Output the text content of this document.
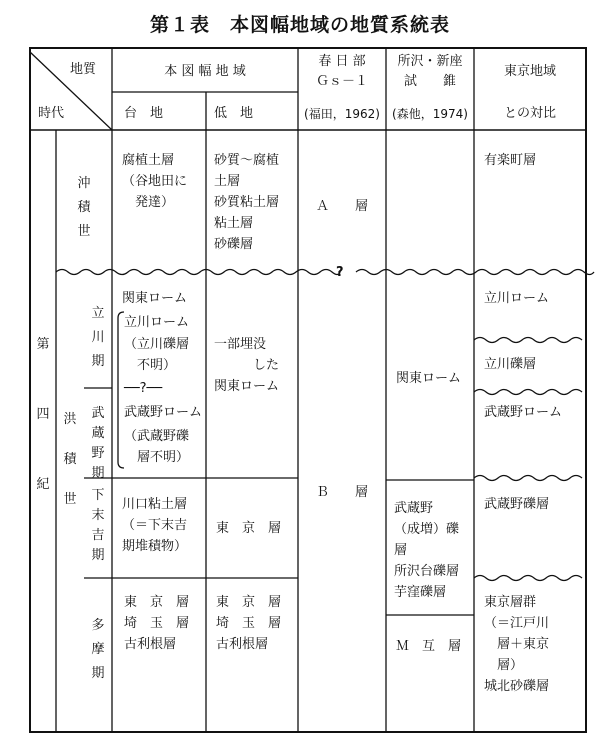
第１表　本図幅地域の地質系統表
地質
時代
本 図 幅 地 域
台　地	低　地
春 日 部
Ｇｓ－１
(福田，1962)
所沢・新座
試　　錐
(森他，1974)
東京地域
との対比
第四紀
沖積世
洪積世
立川期
武蔵野期
下末吉期
多摩期
腐植土層
（谷地田に
　発達）
砂質～腐植
土層
砂質粘土層
粘土層
砂礫層
Ａ　　層
有楽町層
?
関東ローム
立川ローム
（立川礫層
　不明）
──?──
武蔵野ローム
（武蔵野礫
　層不明）
一部埋没
　　　した
関東ローム
Ｂ　　層
関東ローム
武蔵野
（成増）礫
層
所沢台礫層
芋窪礫層
Ｍ　互　層
立川ローム
立川礫層
武蔵野ローム
武蔵野礫層
東京層群
（＝江戸川
　層＋東京
　層）
城北砂礫層
川口粘土層
（＝下末吉
期堆積物）
東　京　層
東　京　層
埼　玉　層
古利根層
東　京　層
埼　玉　層
古利根層
